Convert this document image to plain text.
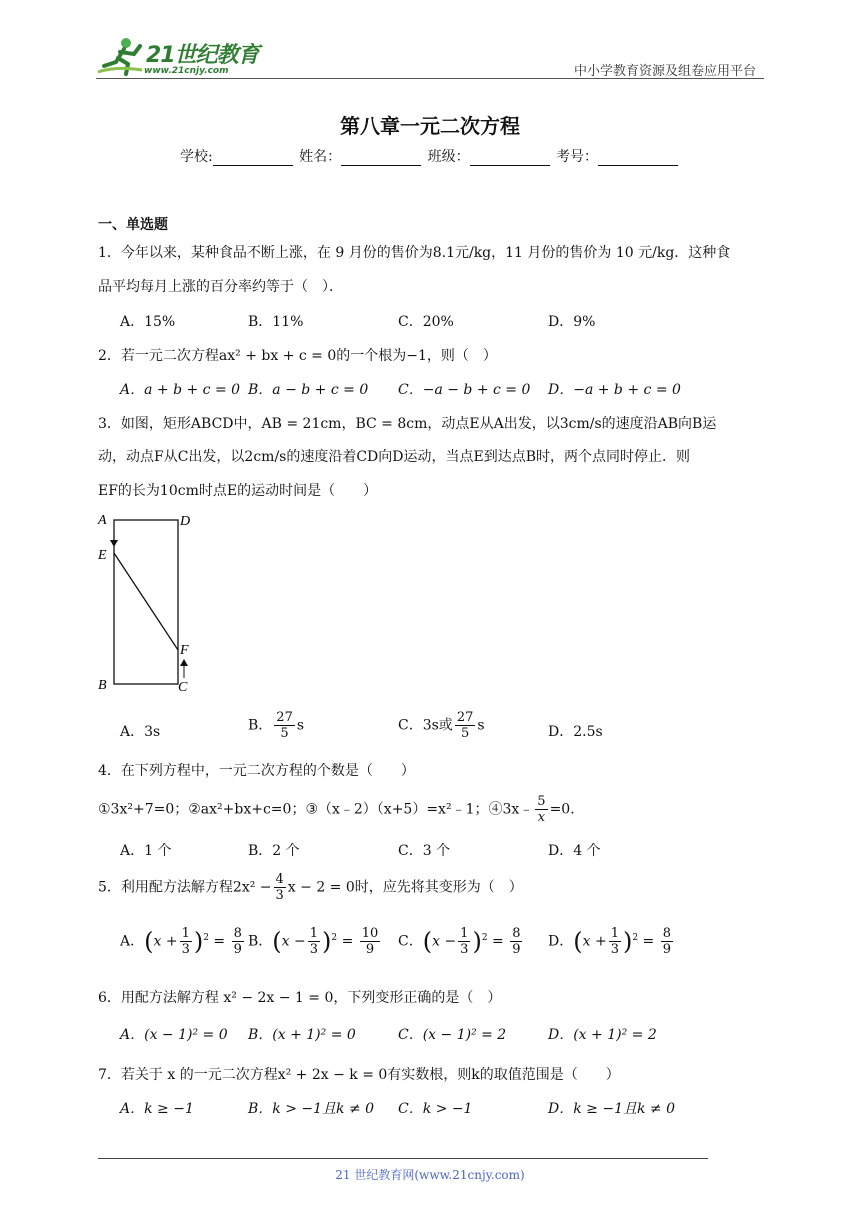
21世纪教育
www.21cnjy.com	中小学教育资源及组卷应用平台
第八章一元二次方程
学校:	姓名：	班级：	考号：
一、单选题
1．今年以来，某种食品不断上涨，在 9 月份的售价为8.1元/kg，11 月份的售价为 10 元/kg．这种食
品平均每月上涨的百分率约等于（　）．
A．15%	B．11%	C．20%	D．9%
2．若一元二次方程ax² + bx + c = 0的一个根为−1，则（　）
A．a + b + c = 0 B．a − b + c = 0 C．−a − b + c = 0 D．−a + b + c = 0
3．如图，矩形ABCD中，AB = 21cm，BC = 8cm，动点E从A出发，以3cm/s的速度沿AB向B运
动，动点F从C出发，以2cm/s的速度沿着CD向D运动，当点E到达点B时，两个点同时停止．则
EF的长为10cm时点E的运动时间是（　　）
A	D
E
F
B	C
A．3s	B． $\frac{27}{5}$ s	C．3s或 $\frac{27}{5}$ s	D．2.5s
4．在下列方程中，一元二次方程的个数是（　　）
①3x²+7=0；②ax²+bx+c=0；③（x﹣2）（x+5）=x²﹣1；④3x﹣ $\frac{5}{x} =0$．
A．1 个	B．2 个	C．3 个	D．4 个
5．利用配方法解方程$2x^2 - \frac{4}{3}$ x − 2 = 0时，应先将其变形为（　）
A．$(x + \frac{1}{3} )^2 = \frac{8}{9}$ B．$(x - \frac{1}{3} )^2 = \frac{10}{9}$ C．$(x - \frac{1}{3} )^2 = \frac{8}{9}$ D．$(x + \frac{1}{3} )^2 = \frac{8}{9}$
6．用配方法解方程 x² − 2x − 1 = 0，下列变形正确的是（　）
A．(x − 1)² = 0 B．(x + 1)² = 0	C．(x − 1)² = 2	D．(x + 1)² = 2
7．若关于 x 的一元二次方程x² + 2x − k = 0有实数根，则k的取值范围是（　　）
A．k ≥ −1	B．k > −1且k ≠ 0 C．k > −1	D．k ≥ −1且k ≠ 0
21 世纪教育网(www.21cnjy.com)
